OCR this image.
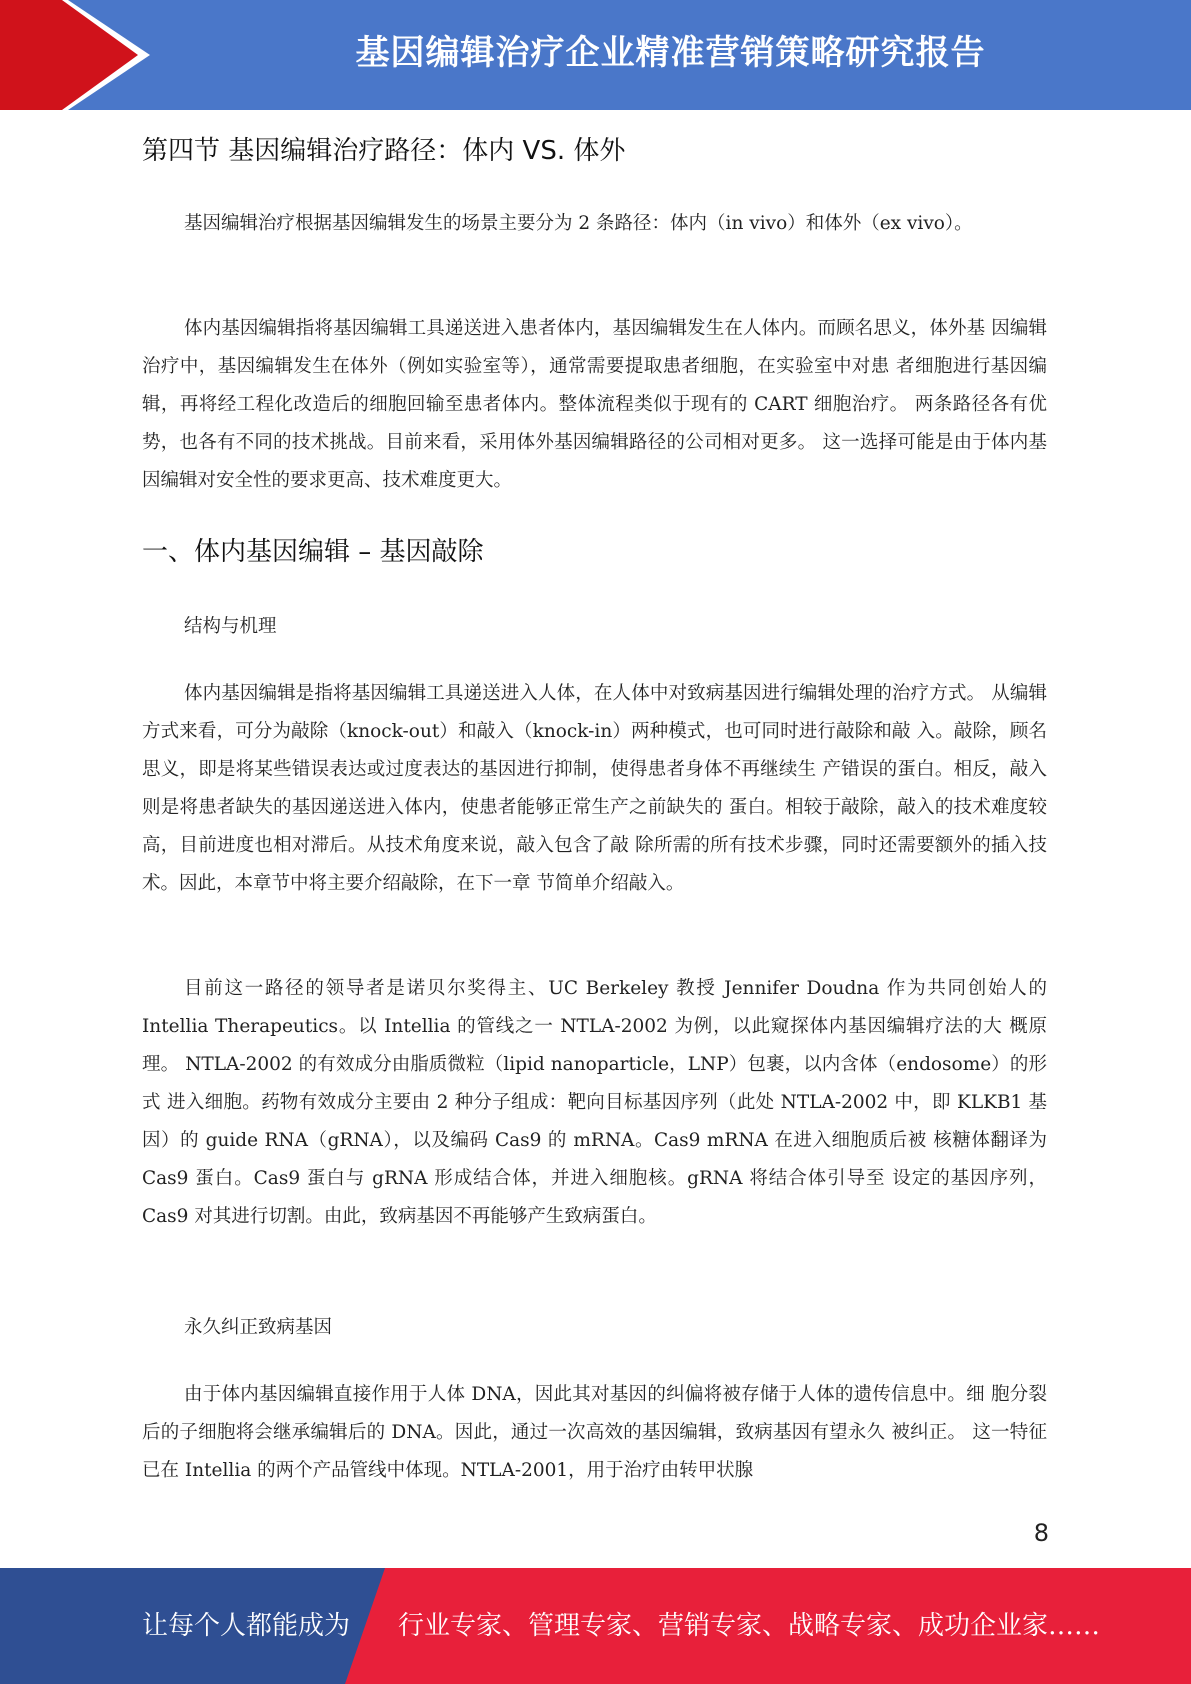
基因编辑治疗企业精准营销策略研究报告
第四节 基因编辑治疗路径：体内 VS. 体外

基因编辑治疗根据基因编辑发生的场景主要分为 2 条路径：体内（in vivo）和体外（ex vivo）。

体内基因编辑指将基因编辑工具递送进入患者体内，基因编辑发生在人体内。而顾名思义，体外基 因编辑治疗中，基因编辑发生在体外（例如实验室等），通常需要提取患者细胞，在实验室中对患 者细胞进行基因编辑，再将经工程化改造后的细胞回输至患者体内。整体流程类似于现有的 CART 细胞治疗。 两条路径各有优势，也各有不同的技术挑战。目前来看，采用体外基因编辑路径的公司相对更多。 这一选择可能是由于体内基因编辑对安全性的要求更高、技术难度更大。

一、体内基因编辑 – 基因敲除
结构与机理

体内基因编辑是指将基因编辑工具递送进入人体，在人体中对致病基因进行编辑处理的治疗方式。 从编辑方式来看，可分为敲除（knock-out）和敲入（knock-in）两种模式，也可同时进行敲除和敲 入。敲除，顾名思义，即是将某些错误表达或过度表达的基因进行抑制，使得患者身体不再继续生 产错误的蛋白。相反，敲入则是将患者缺失的基因递送进入体内，使患者能够正常生产之前缺失的 蛋白。相较于敲除，敲入的技术难度较高，目前进度也相对滞后。从技术角度来说，敲入包含了敲 除所需的所有技术步骤，同时还需要额外的插入技术。因此，本章节中将主要介绍敲除，在下一章 节简单介绍敲入。

目前这一路径的领导者是诺贝尔奖得主、UC Berkeley 教授 Jennifer Doudna 作为共同创始人的 Intellia Therapeutics。以 Intellia 的管线之一 NTLA-2002 为例，以此窥探体内基因编辑疗法的大 概原理。 NTLA-2002 的有效成分由脂质微粒（lipid nanoparticle，LNP）包裹，以内含体（endosome）的形式 进入细胞。药物有效成分主要由 2 种分子组成：靶向目标基因序列（此处 NTLA-2002 中，即 KLKB1 基因）的 guide RNA（gRNA），以及编码 Cas9 的 mRNA。Cas9 mRNA 在进入细胞质后被 核糖体翻译为 Cas9 蛋白。Cas9 蛋白与 gRNA 形成结合体，并进入细胞核。gRNA 将结合体引导至 设定的基因序列，Cas9 对其进行切割。由此，致病基因不再能够产生致病蛋白。

永久纠正致病基因

由于体内基因编辑直接作用于人体 DNA，因此其对基因的纠偏将被存储于人体的遗传信息中。细 胞分裂后的子细胞将会继承编辑后的 DNA。因此，通过一次高效的基因编辑，致病基因有望永久 被纠正。 这一特征已在 Intellia 的两个产品管线中体现。NTLA-2001，用于治疗由转甲状腺

8
让每个人都能成为 行业专家、管理专家、营销专家、战略专家、成功企业家……
